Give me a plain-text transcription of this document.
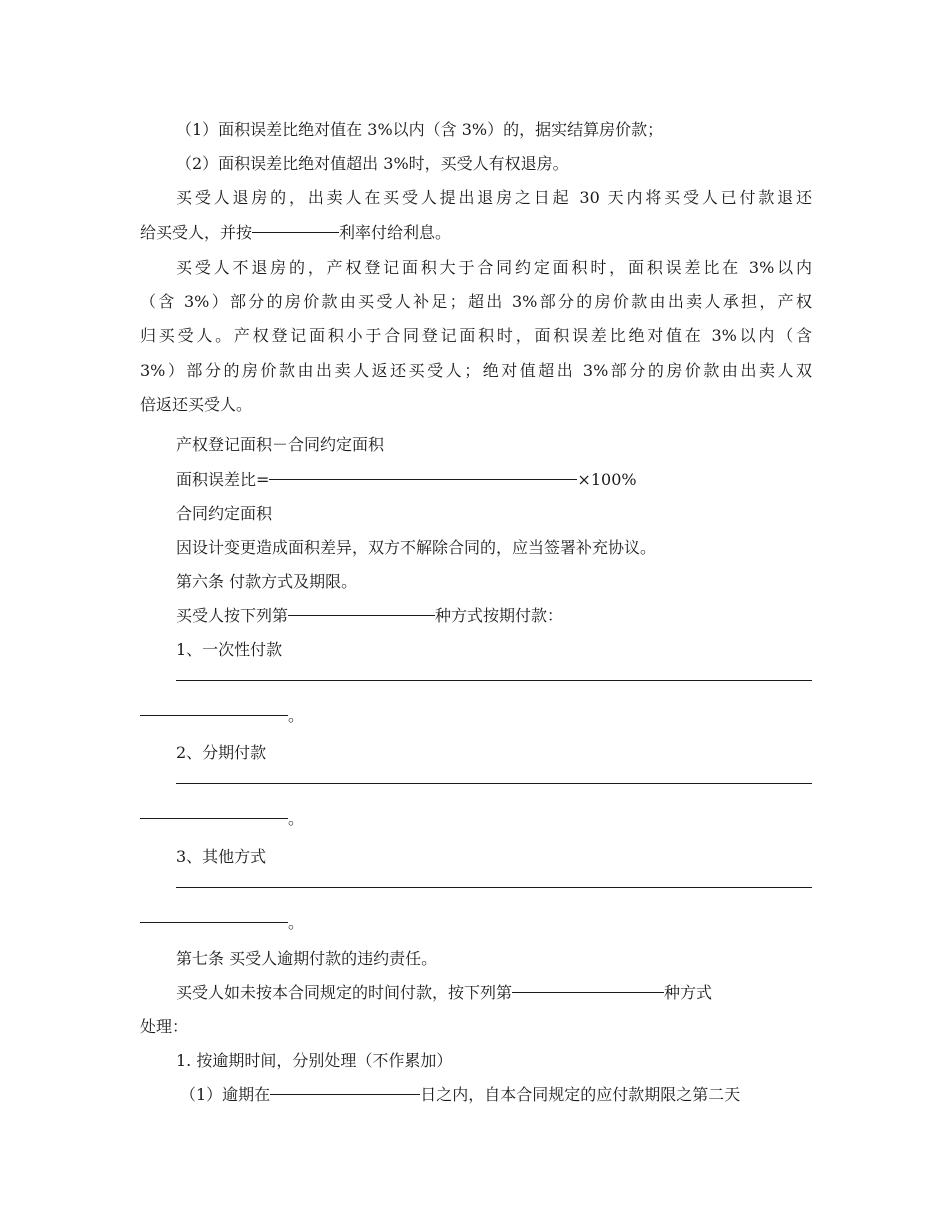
（1）面积误差比绝对值在 3%以内（含 3%）的，据实结算房价款；
（2）面积误差比绝对值超出 3%时，买受人有权退房。
买受人退房的，出卖人在买受人提出退房之日起 30 天内将买受人已付款退还
给买受人，并按	利率付给利息。
买受人不退房的，产权登记面积大于合同约定面积时，面积误差比在 3%以内
（含 3%）部分的房价款由买受人补足；超出 3%部分的房价款由出卖人承担，产权
归买受人。产权登记面积小于合同登记面积时，面积误差比绝对值在 3%以内（含
3%）部分的房价款由出卖人返还买受人；绝对值超出 3%部分的房价款由出卖人双
倍返还买受人。
产权登记面积－合同约定面积
面积误差比=	×100%
合同约定面积
因设计变更造成面积差异，双方不解除合同的，应当签署补充协议。
第六条 付款方式及期限。
买受人按下列第	种方式按期付款：
1、一次性付款
。
2、分期付款
。
3、其他方式
。
第七条 买受人逾期付款的违约责任。
买受人如未按本合同规定的时间付款，按下列第	种方式
处理：
1. 按逾期时间，分别处理（不作累加）
（1）逾期在	日之内，自本合同规定的应付款期限之第二天
